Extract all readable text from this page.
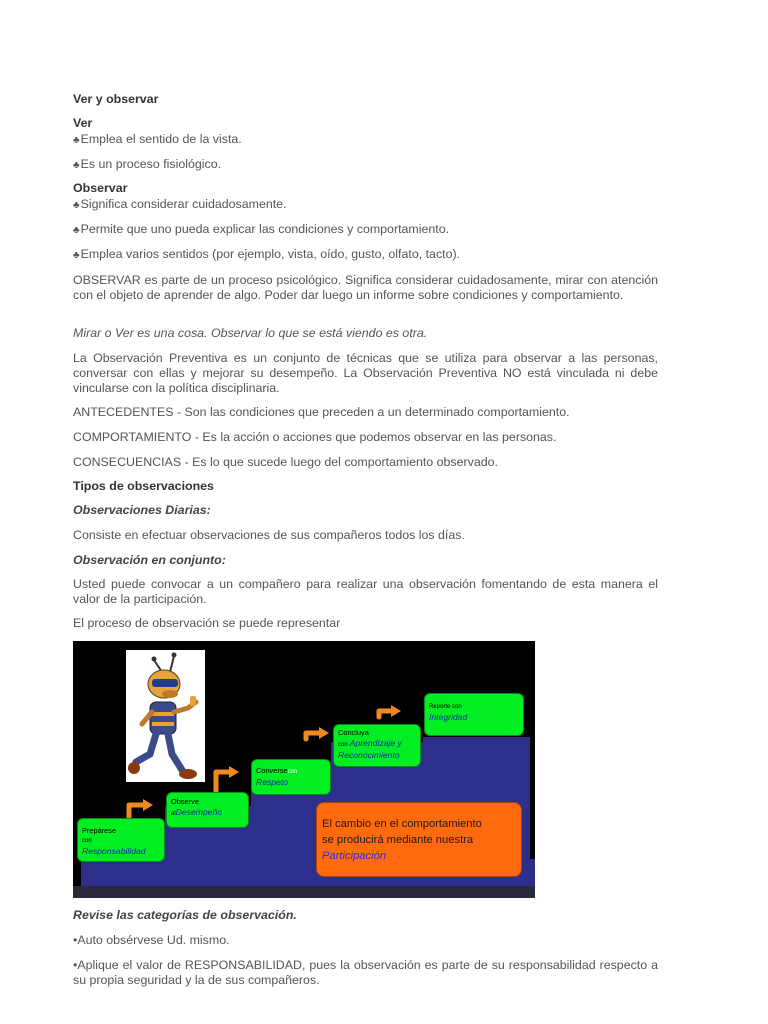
Ver y observar

Ver

♣Emplea el sentido de la vista.

♣Es un proceso fisiológico.

Observar

♣Significa considerar cuidadosamente.

♣Permite que uno pueda explicar las condiciones y comportamiento.

♣Emplea varios sentidos (por ejemplo, vista, oído, gusto, olfato, tacto).

OBSERVAR es parte de un proceso psicológico. Significa considerar cuidadosamente, mirar con atención con el objeto de aprender de algo. Poder dar luego un informe sobre condiciones y comportamiento.

Mirar o Ver es una cosa. Observar lo que se está viendo es otra.

La Observación Preventiva es un conjunto de técnicas que se utiliza para observar a las personas, conversar con ellas y mejorar su desempeño. La Observación Preventiva NO está vinculada ni debe vincularse con la política disciplinaria.

ANTECEDENTES - Son las condiciones que preceden a un determinado comportamiento.

COMPORTAMIENTO - Es la acción o acciones que podemos observar en las personas.

CONSECUENCIAS - Es lo que sucede luego del comportamiento observado.

Tipos de observaciones

Observaciones Diarias:

Consiste en efectuar observaciones de sus compañeros todos los días.

Observación en conjunto:

Usted puede convocar a un compañero para realizar una observación fomentando de esta manera el valor de la participación.

El proceso de observación se puede representar

Revise las categorías de observación.

•Auto obsérvese Ud. mismo.

•Aplique el valor de RESPONSABILIDAD, pues la observación es parte de su responsabilidad respecto a su propia seguridad y la de sus compañeros.

Prepárese
con
Responsabilidad
Observe
alDesempeño
Conversecon
Respeto
Concluya
con Aprendizaje y Reconocimiento
Reporte con
Integridad
El cambio en el comportamiento
se producirá mediante nuestra
Participación
